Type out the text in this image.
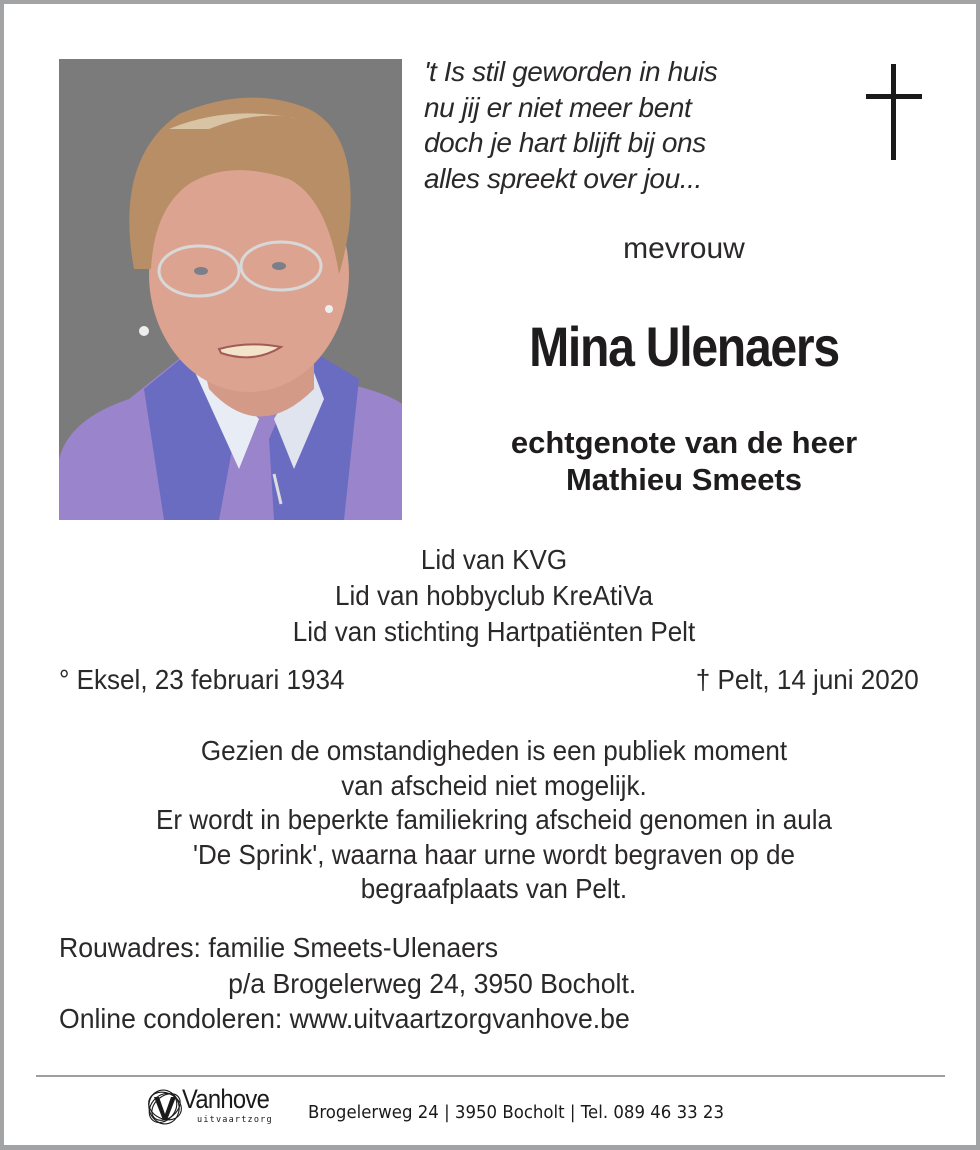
't Is stil geworden in huis
nu jij er niet meer bent
doch je hart blijft bij ons
alles spreekt over jou...
mevrouw
Mina Ulenaers
echtgenote van de heer
Mathieu Smeets
Lid van KVG
Lid van hobbyclub KreAtiVa
Lid van stichting Hartpatiënten Pelt
° Eksel, 23 februari 1934	† Pelt, 14 juni 2020
Gezien de omstandigheden is een publiek moment
van afscheid niet mogelijk.
Er wordt in beperkte familiekring afscheid genomen in aula
'De Sprink', waarna haar urne wordt begraven op de
begraafplaats van Pelt.
Rouwadres: familie Smeets-Ulenaers
p/a Brogelerweg 24, 3950 Bocholt.
Online condoleren: www.uitvaartzorgvanhove.be
Vanhove
uitvaartzorg Brogelerweg 24 | 3950 Bocholt | Tel. 089 46 33 23
